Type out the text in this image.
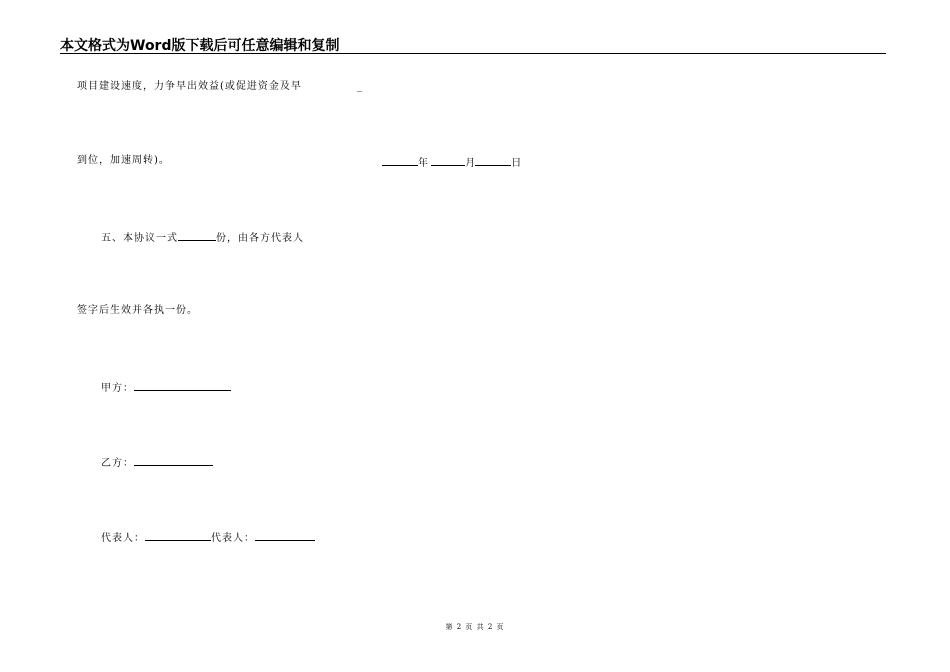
本文格式为Word版下载后可任意编辑和复制
项目建设速度，力争早出效益(或促进资金及早	_
到位，加速周转)。	年	月	日
五、本协议一式	份，由各方代表人
签字后生效并各执一份。
甲方：
乙方：
代表人：	代表人：
第 2 页 共 2 页
